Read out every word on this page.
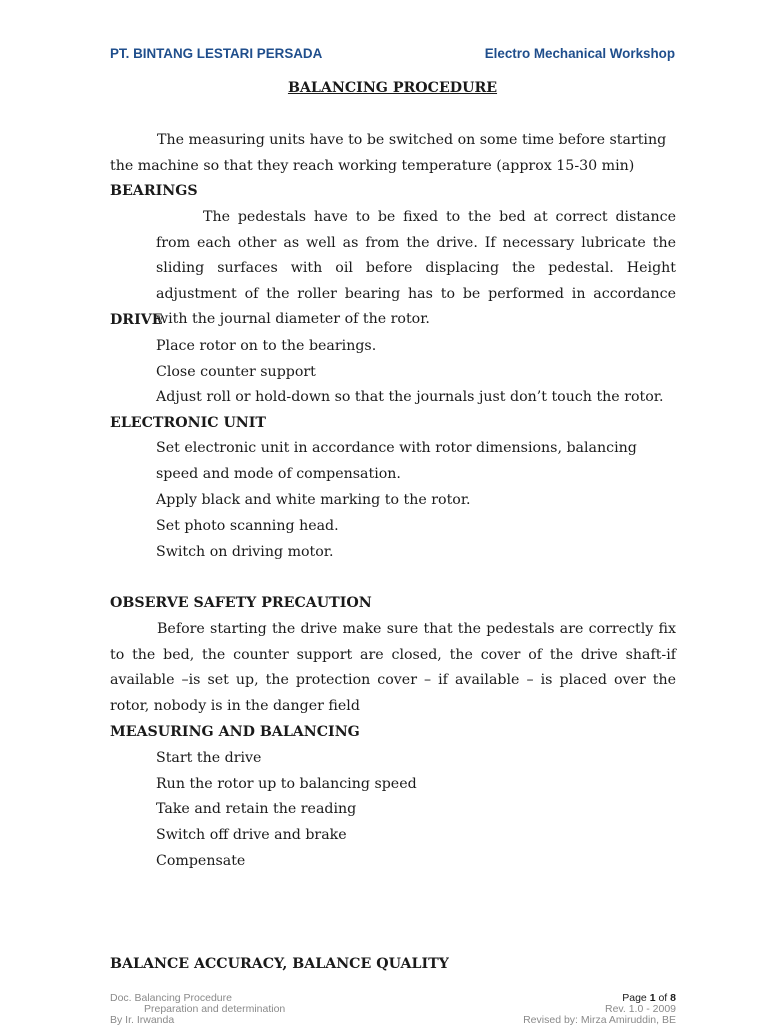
PT. BINTANG LESTARI PERSADA	Electro Mechanical Workshop
BALANCING PROCEDURE

The measuring units have to be switched on some time before starting the machine so that they reach working temperature (approx 15-30 min)

BEARINGS

The pedestals have to be fixed to the bed at correct distance from each other as well as from the drive. If necessary lubricate the sliding surfaces with oil before displacing the pedestal. Height adjustment of the roller bearing has to be performed in accordance with the journal diameter of the rotor.

DRIVE
Place rotor on to the bearings.
Close counter support
Adjust roll or hold-down so that the journals just don’t touch the rotor.
ELECTRONIC UNIT

Set electronic unit in accordance with rotor dimensions, balancing speed and mode of compensation.

Apply black and white marking to the rotor.
Set photo scanning head.
Switch on driving motor.
OBSERVE SAFETY PRECAUTION

Before starting the drive make sure that the pedestals are correctly fix to the bed, the counter support are closed, the cover of the drive shaft-if available –is set up, the protection cover – if available – is placed over the rotor, nobody is in the danger field

MEASURING AND BALANCING
Start the drive
Run the rotor up to balancing speed
Take and retain the reading
Switch off drive and brake
Compensate
BALANCE ACCURACY, BALANCE QUALITY
Doc. Balancing Procedure	Page 1 of 8
Preparation and determination	Rev. 1.0 - 2009
By Ir. Irwanda	Revised by: Mirza Amiruddin, BE
